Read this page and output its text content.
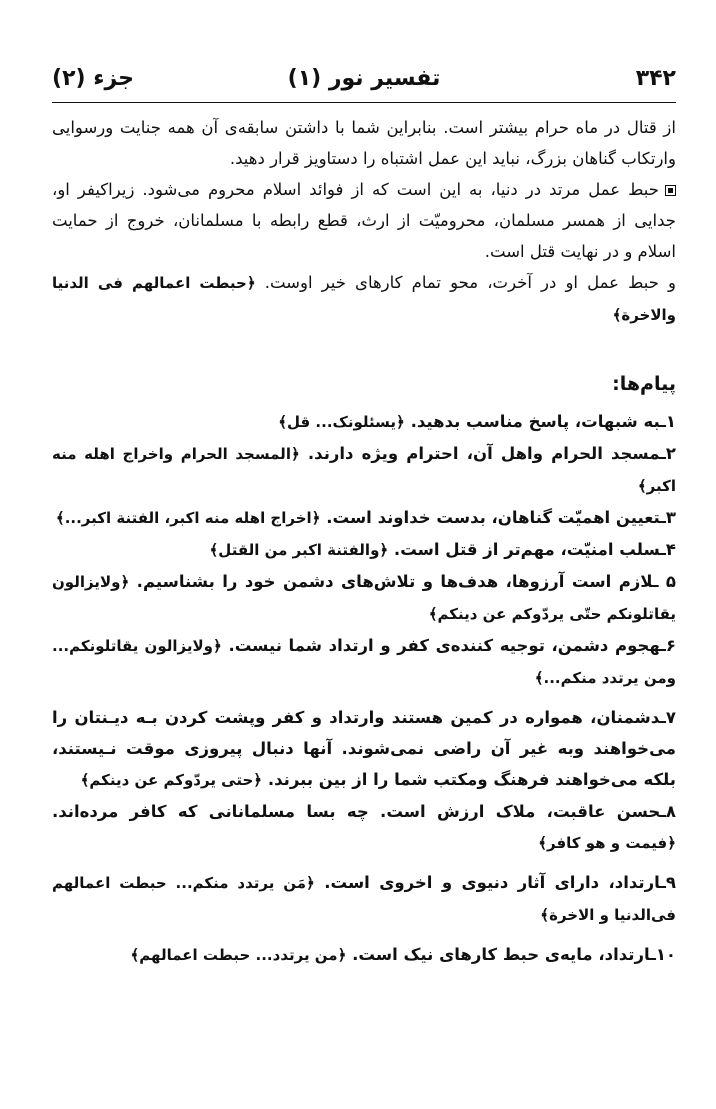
۳۴۲
تفسیر نور (۱)
جزء (۲)

از قتال در ماه حرام بیشتر است. بنابراین شما با داشتن سابقه‌ی آن همه جنایت ورسوایی وارتکاب گناهان بزرگ، نباید این عمل اشتباه را دستاویز قرار دهید.

حبط عمل مرتد در دنیا، به این است که از فوائد اسلام محروم می‌شود. زیراکیفر او، جدایی از همسر مسلمان، محرومیّت از ارث، قطع رابطه با مسلمانان، خروج از حمایت اسلام و در نهایت قتل است.

و حبط عمل او در آخرت، محو تمام کارهای خیر اوست. ﴿حبطت اعمالهم فی الدنیا والاخرة﴾

پیام‌ها:

۱ـبه شبهات، پاسخ مناسب بدهید. ﴿یسئلونک... قل﴾

۲ـمسجد الحرام واهل آن، احترام ویژه دارند. ﴿المسجد الحرام واخراج اهله منه اکبر﴾

۳ـتعیین اهمیّت گناهان، بدست خداوند است. ﴿اخراج اهله منه اکبر، الفتنة اکبر...﴾

۴ـسلب امنیّت، مهم‌تر از قتل است. ﴿والفتنة اکبر من القتل﴾

۵ ـلازم است آرزوها، هدف‌ها و تلاش‌های دشمن خود را بشناسیم. ﴿ولایزالون یقاتلونکم حتّی یردّوکم عن دینکم﴾

۶ـهجوم دشمن، توجیه کننده‌ی کفر و ارتداد شما نیست. ﴿ولایزالون یقاتلونکم... ومن یرتدد منکم...﴾

۷ـدشمنان، همواره در کمین هستند وارتداد و کفر وپشت کردن بـه دیـنتان را می‌خواهند وبه غیر آن راضی نمی‌شوند. آنها دنبال پیروزی موقت نـیستند، بلکه می‌خواهند فرهنگ ومکتب شما را از بین ببرند. ﴿حتی یردّوکم عن دینکم﴾

۸ـحسن عاقبت، ملاک ارزش است. چه بسا مسلمانانی که کافر مرده‌اند. ﴿فیمت و هو کافر﴾

۹ـارتداد، دارای آثار دنیوی و اخروی است. ﴿مَن یرتدد منکم... حبطت اعمالهم فی‌الدنیا و الاخرة﴾

۱۰ـارتداد، مایه‌ی حبط کارهای نیک است. ﴿من یرتدد... حبطت اعمالهم﴾
